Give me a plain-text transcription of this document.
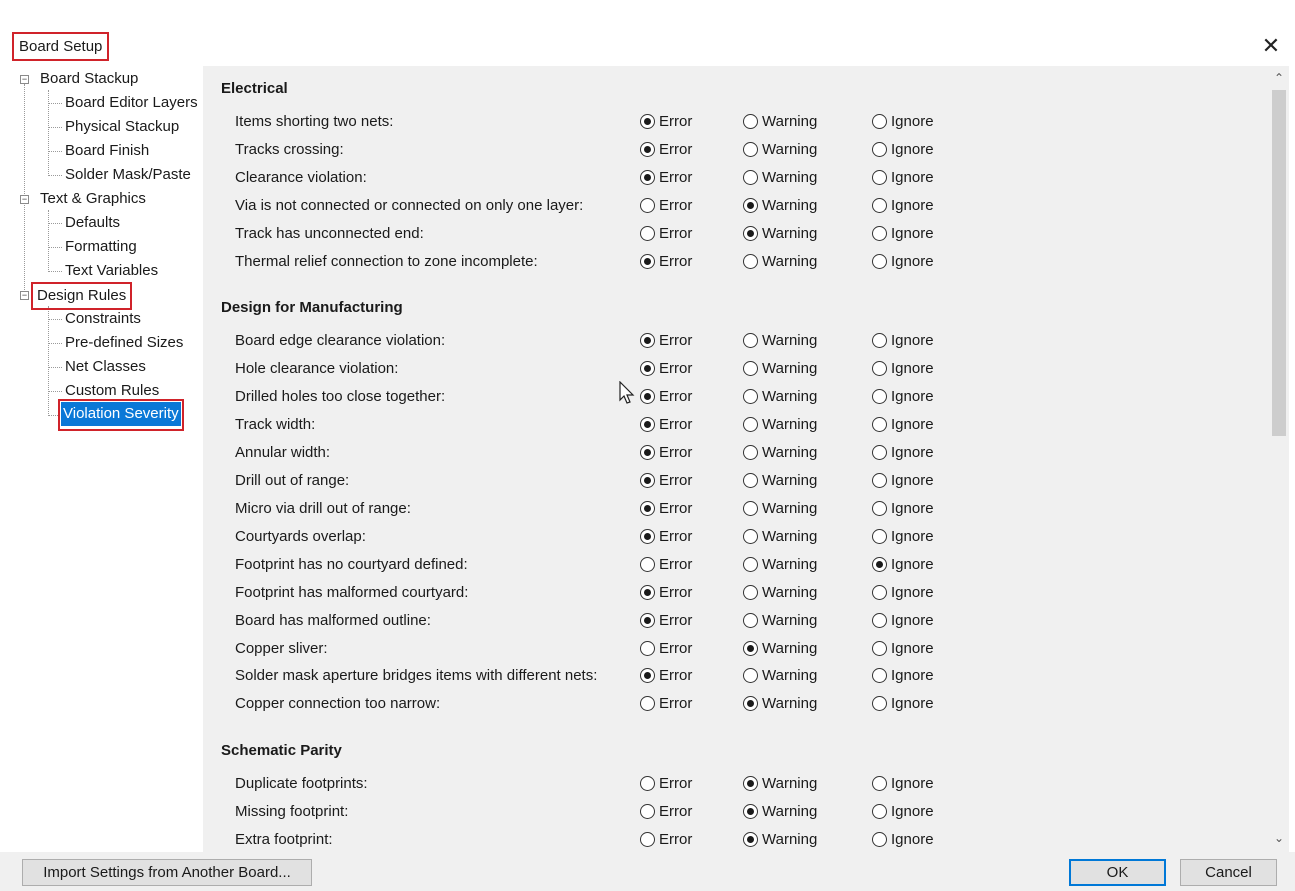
Board Setup	✕
− Board Stackup
Board Editor Layers
Physical Stackup
Board Finish
Solder Mask/Paste
− Text & Graphics
Defaults
Formatting
Text Variables
− Design Rules
Constraints
Pre-defined Sizes
Net Classes
Custom Rules
Violation Severity
Electrical
Items shorting two nets:	Error	Warning	Ignore
Tracks crossing:	Error	Warning	Ignore
Clearance violation:	Error	Warning	Ignore
Via is not connected or connected on only one layer:	Error	Warning	Ignore
Track has unconnected end:	Error	Warning	Ignore
Thermal relief connection to zone incomplete:	Error	Warning	Ignore
Design for Manufacturing
Board edge clearance violation:	Error	Warning	Ignore
Hole clearance violation:	Error	Warning	Ignore
Drilled holes too close together:	Error	Warning	Ignore
Track width:	Error	Warning	Ignore
Annular width:	Error	Warning	Ignore
Drill out of range:	Error	Warning	Ignore
Micro via drill out of range:	Error	Warning	Ignore
Courtyards overlap:	Error	Warning	Ignore
Footprint has no courtyard defined:	Error	Warning	Ignore
Footprint has malformed courtyard:	Error	Warning	Ignore
Board has malformed outline:	Error	Warning	Ignore
Copper sliver:	Error	Warning	Ignore
Solder mask aperture bridges items with different nets:	Error	Warning	Ignore
Copper connection too narrow:	Error	Warning	Ignore
Schematic Parity
Duplicate footprints:	Error	Warning	Ignore
Missing footprint:	Error	Warning	Ignore
Extra footprint:	Error	Warning	Ignore
⌃
⌄
Import Settings from Another Board...	OK	Cancel
